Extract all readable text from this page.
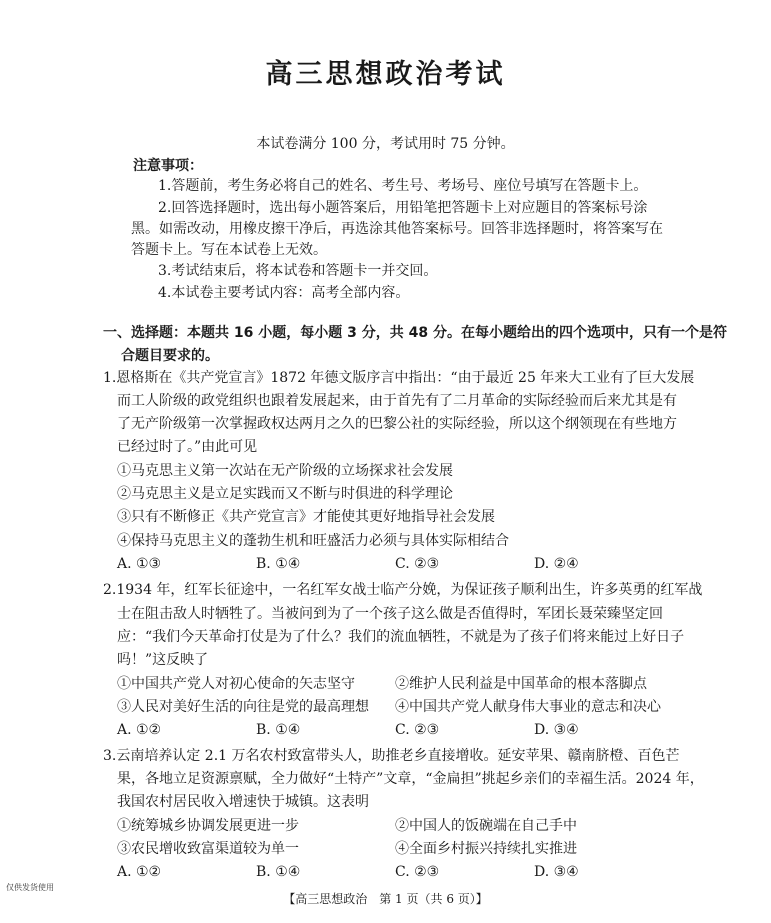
高三思想政治考试
本试卷满分 100 分，考试用时 75 分钟。
注意事项：
1.答题前，考生务必将自己的姓名、考生号、考场号、座位号填写在答题卡上。
2.回答选择题时，选出每小题答案后，用铅笔把答题卡上对应题目的答案标号涂
黑。如需改动，用橡皮擦干净后，再选涂其他答案标号。回答非选择题时，将答案写在
答题卡上。写在本试卷上无效。
3.考试结束后，将本试卷和答题卡一并交回。
4.本试卷主要考试内容：高考全部内容。
一、选择题：本题共 16 小题，每小题 3 分，共 48 分。在每小题给出的四个选项中，只有一个是符
合题目要求的。
1.恩格斯在《共产党宣言》1872 年德文版序言中指出：“由于最近 25 年来大工业有了巨大发展
而工人阶级的政党组织也跟着发展起来，由于首先有了二月革命的实际经验而后来尤其是有
了无产阶级第一次掌握政权达两月之久的巴黎公社的实际经验，所以这个纲领现在有些地方
已经过时了。”由此可见
①马克思主义第一次站在无产阶级的立场探求社会发展
②马克思主义是立足实践而又不断与时俱进的科学理论
③只有不断修正《共产党宣言》才能使其更好地指导社会发展
④保持马克思主义的蓬勃生机和旺盛活力必须与具体实际相结合
A. ①③	B. ①④	C. ②③	D. ②④
2.1934 年，红军长征途中，一名红军女战士临产分娩，为保证孩子顺利出生，许多英勇的红军战
士在阻击敌人时牺牲了。当被问到为了一个孩子这么做是否值得时，军团长聂荣臻坚定回
应：“我们今天革命打仗是为了什么？我们的流血牺牲，不就是为了孩子们将来能过上好日子
吗！”这反映了
①中国共产党人对初心使命的矢志坚守	②维护人民利益是中国革命的根本落脚点
③人民对美好生活的向往是党的最高理想 ④中国共产党人献身伟大事业的意志和决心
A. ①②	B. ①④	C. ②③	D. ③④
3.云南培养认定 2.1 万名农村致富带头人，助推老乡直接增收。延安苹果、赣南脐橙、百色芒
果，各地立足资源禀赋，全力做好“土特产”文章，“金扁担”挑起乡亲们的幸福生活。2024 年，
我国农村居民收入增速快于城镇。这表明
①统筹城乡协调发展更进一步	②中国人的饭碗端在自己手中
③农民增收致富渠道较为单一	④全面乡村振兴持续扎实推进
A. ①②	B. ①④	C. ②③	D. ③④
仅供发货使用
【高三思想政治　第 1 页（共 6 页）】
